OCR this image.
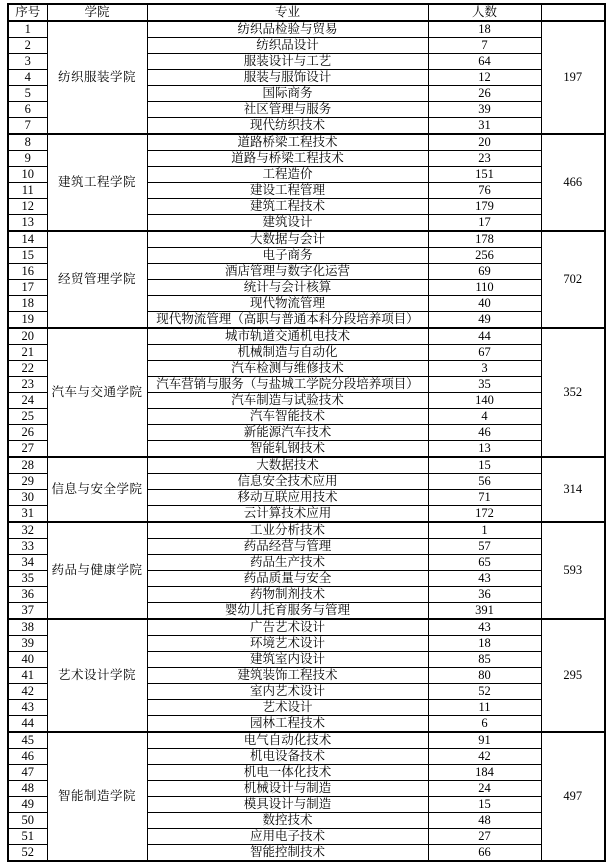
序号	学院	专业	人数	
1	纺织服装学院	纺织品检验与贸易	18	197
2		纺织品设计	7	
3		服装设计与工艺	64	
4		服装与服饰设计	12	
5		国际商务	26	
6		社区管理与服务	39	
7		现代纺织技术	31	
8	建筑工程学院	道路桥梁工程技术	20	466
9		道路与桥梁工程技术	23	
10		工程造价	151	
11		建设工程管理	76	
12		建筑工程技术	179	
13		建筑设计	17	
14	经贸管理学院	大数据与会计	178	702
15		电子商务	256	
16		酒店管理与数字化运营	69	
17		统计与会计核算	110	
18		现代物流管理	40	
19		现代物流管理（高职与普通本科分段培养项目）	49	
20	汽车与交通学院	城市轨道交通机电技术	44	352
21		机械制造与自动化	67	
22		汽车检测与维修技术	3	
23		汽车营销与服务（与盐城工学院分段培养项目）	35	
24		汽车制造与试验技术	140	
25		汽车智能技术	4	
26		新能源汽车技术	46	
27		智能轧钢技术	13	
28	信息与安全学院	大数据技术	15	314
29		信息安全技术应用	56	
30		移动互联应用技术	71	
31		云计算技术应用	172	
32	药品与健康学院	工业分析技术	1	593
33		药品经营与管理	57	
34		药品生产技术	65	
35		药品质量与安全	43	
36		药物制剂技术	36	
37		婴幼儿托育服务与管理	391	
38	艺术设计学院	广告艺术设计	43	295
39		环境艺术设计	18	
40		建筑室内设计	85	
41		建筑装饰工程技术	80	
42		室内艺术设计	52	
43		艺术设计	11	
44		园林工程技术	6	
45	智能制造学院	电气自动化技术	91	497
46		机电设备技术	42	
47		机电一体化技术	184	
48		机械设计与制造	24	
49		模具设计与制造	15	
50		数控技术	48	
51		应用电子技术	27	
52		智能控制技术	66	
